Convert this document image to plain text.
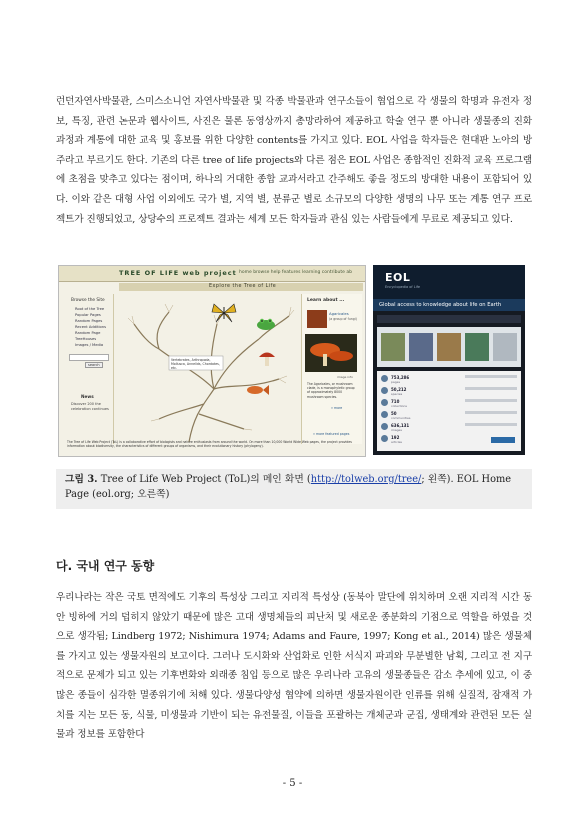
런던자연사박물관, 스미스소니언 자연사박물관 및 각종 박물관과 연구소들이 협업으로 각 생물의 학명과 유전자 정보, 특징, 관련 논문과 웹사이트, 사진은 물론 동영상까지 총망라하여 제공하고 학술 연구 뿐 아니라 생물종의 진화 과정과 계통에 대한 교육 및 홍보를 위한 다양한 contents를 가지고 있다. EOL 사업을 학자들은 현대판 노아의 방주라고 부르기도 한다. 기존의 다른 tree of life projects와 다른 점은 EOL 사업은 종합적인 진화적 교육 프로그램에 초점을 맞추고 있다는 점이며, 하나의 거대한 종합 교과서라고 간주해도 좋을 정도의 방대한 내용이 포함되어 있다. 이와 같은 대형 사업 이외에도 국가 별, 지역 별, 분류군 별로 소규모의 다양한 생명의 나무 또는 계통 연구 프로젝트가 진행되었고, 상당수의 프로젝트 결과는 세계 모든 학자들과 관심 있는 사람들에게 무료로 제공되고 있다.

TREE OF LIFE web project home browse help features learning contribute ab
Explore the Tree of Life
Browse the Site
Root of the Tree
Popular Pages
Random Pages
Recent Additions
Random Page
TreeHouses
Images / Media
search
News
Discover 200 the celebration continues
Vertebrates, Arthropoda, Mollusca, Annelids, Chordates, etc.
Learn about ...
Agaricales
(a group of fungi)
image info
The Agaricales, or mushroom clade, is a monophyletic group of approximately 8000 mushroom species.
» more
» more featured pages
The Tree of Life Web Project (ToL) is a collaborative effort of biologists and nature enthusiasts from around the world. On more than 10,000 World Wide Web pages, the project provides information about biodiversity, the characteristics of different groups of organisms, and their evolutionary history (phylogeny).
EOL
Encyclopedia of Life
Global access to knowledge about life on Earth
753,286
pages
50,212
species
710
collections
50
communities
636,131
images
192
articles

그림 3. Tree of Life Web Project (ToL)의 메인 화면 (http://tolweb.org/tree/; 왼쪽). EOL Home Page (eol.org; 오른쪽)

다. 국내 연구 동향

우리나라는 작은 국토 면적에도 기후의 특성상 그리고 지리적 특성상 (동북아 말단에 위치하며 오랜 지리적 시간 동안 빙하에 거의 덥히지 않았기 때문에 많은 고대 생명체들의 피난처 및 새로운 종분화의 기점으로 역할을 하였을 것으로 생각됨; Lindberg 1972; Nishimura 1974; Adams and Faure, 1997; Kong et al., 2014) 많은 생물체를 가지고 있는 생물자원의 보고이다. 그러나 도시화와 산업화로 인한 서식지 파괴와 무분별한 남획, 그리고 전 지구적으로 문제가 되고 있는 기후변화와 외래종 침입 등으로 많은 우리나라 고유의 생물종들은 감소 추세에 있고, 이 중 많은 종들이 심각한 멸종위기에 처해 있다. 생물다양성 협약에 의하면 생물자원이란 인류를 위해 실질적, 잠재적 가치를 지는 모든 동, 식물, 미생물과 기반이 되는 유전물질, 이들을 포괄하는 개체군과 군집, 생태계와 관련된 모든 실물과 정보를 포함한다

- 5 -
